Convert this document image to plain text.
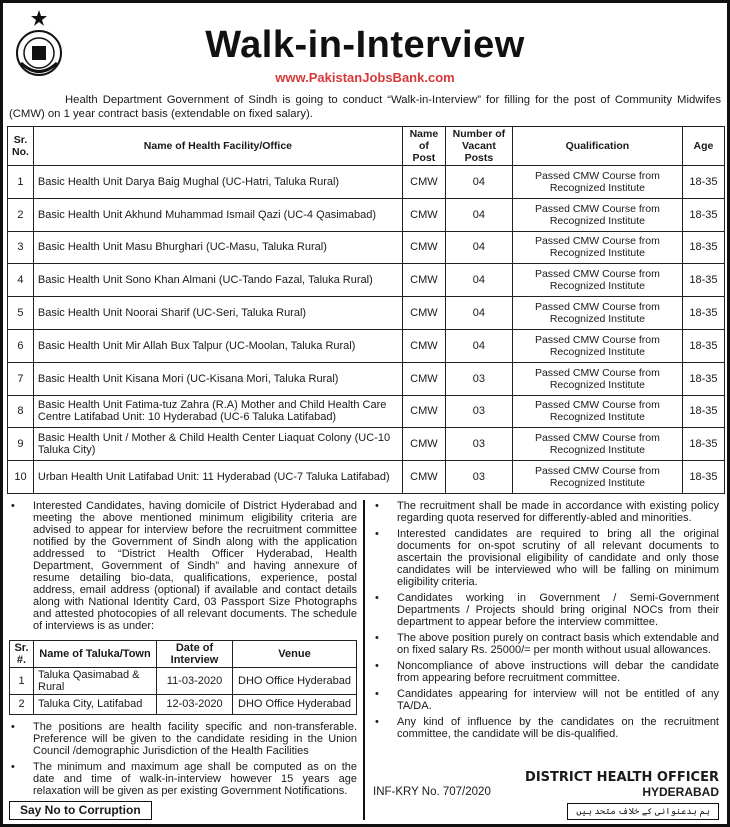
Walk-in-Interview
www.PakistanJobsBank.com
Health Department Government of Sindh is going to conduct “Walk-in-Interview” for filling for the post of Community Midwifes (CMW) on 1 year contract basis (extendable on fixed salary).
Sr. No.	Name of Health Facility/Office	Name of Post	Number of Vacant Posts	Qualification	Age
1	Basic Health Unit Darya Baig Mughal (UC-Hatri, Taluka Rural)	CMW	04	Passed CMW Course from Recognized Institute	18-35
2	Basic Health Unit Akhund Muhammad Ismail Qazi (UC-4 Qasimabad)	CMW	04	Passed CMW Course from Recognized Institute	18-35
3	Basic Health Unit Masu Bhurghari (UC-Masu, Taluka Rural)	CMW	04	Passed CMW Course from Recognized Institute	18-35
4	Basic Health Unit Sono Khan Almani (UC-Tando Fazal, Taluka Rural)	CMW	04	Passed CMW Course from Recognized Institute	18-35
5	Basic Health Unit Noorai Sharif (UC-Seri, Taluka Rural)	CMW	04	Passed CMW Course from Recognized Institute	18-35
6	Basic Health Unit Mir Allah Bux Talpur (UC-Moolan, Taluka Rural)	CMW	04	Passed CMW Course from Recognized Institute	18-35
7	Basic Health Unit Kisana Mori (UC-Kisana Mori, Taluka Rural)	CMW	03	Passed CMW Course from Recognized Institute	18-35
8	Basic Health Unit Fatima-tuz Zahra (R.A) Mother and Child Health Care Centre Latifabad Unit: 10 Hyderabad (UC-6 Taluka Latifabad)	CMW	03	Passed CMW Course from Recognized Institute	18-35
9	Basic Health Unit / Mother & Child Health Center Liaquat Colony (UC-10 Taluka City)	CMW	03	Passed CMW Course from Recognized Institute	18-35
10	Urban Health Unit Latifabad Unit: 11 Hyderabad (UC-7 Taluka Latifabad)	CMW	03	Passed CMW Course from Recognized Institute	18-35
• Interested Candidates, having domicile of District Hyderabad and meeting the above mentioned minimum eligibility criteria are advised to appear for interview before the recruitment committee notified by the Government of Sindh along with the application addressed to “District Health Officer Hyderabad, Health Department, Government of Sindh” and having annexure of resume detailing bio-data, qualifications, experience, postal address, email address (optional) if available and contact details along with National Identity Card, 03 Passport Size Photographs and attested photocopies of all relevant documents. The schedule of interviews is as under:
Sr. #.	Name of Taluka/Town	Date of Interview	Venue
1	Taluka Qasimabad & Rural	11-03-2020	DHO Office Hyderabad
2	Taluka City, Latifabad	12-03-2020	DHO Office Hyderabad
• The positions are health facility specific and non-transferable. Preference will be given to the candidate residing in the Union Council /demographic Jurisdiction of the Health Facilities
• The minimum and maximum age shall be computed as on the date and time of walk-in-interview however 15 years age relaxation will be given as per existing Government Notifications.
Say No to Corruption
• The recruitment shall be made in accordance with existing policy regarding quota reserved for differently-abled and minorities.
• Interested candidates are required to bring all the original documents for on-spot scrutiny of all relevant documents to ascertain the provisional eligibility of candidate and only those candidates will be interviewed who will be falling on minimum eligibility criteria.
• Candidates working in Government / Semi-Government Departments / Projects should bring original NOCs from their department to appear before the interview committee.
• The above position purely on contract basis which extendable and on fixed salary Rs. 25000/= per month without usual allowances.
• Noncompliance of above instructions will debar the candidate from appearing before recruitment committee.
• Candidates appearing for interview will not be entitled of any TA/DA.
• Any kind of influence by the candidates on the recruitment committee, the candidate will be dis-qualified.
INF-KRY No. 707/2020
DISTRICT HEALTH OFFICER
HYDERABAD
ہم بدعنوانی کے خلاف متحد ہیں
